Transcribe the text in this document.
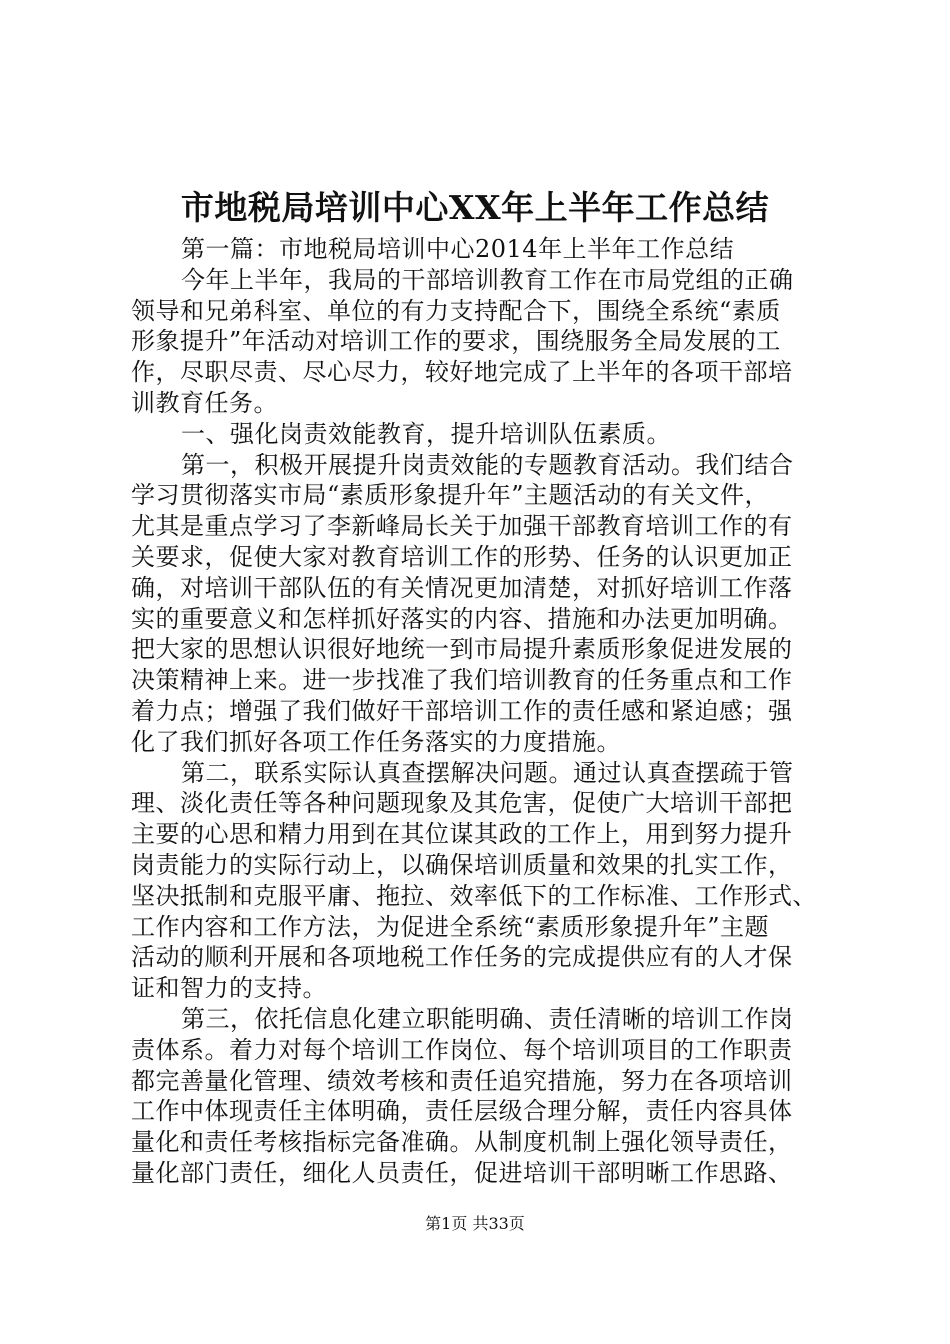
市地税局培训中心XX年上半年工作总结
第一篇：市地税局培训中心2014年上半年工作总结
今年上半年，我局的干部培训教育工作在市局党组的正确
领导和兄弟科室、单位的有力支持配合下，围绕全系统“素质
形象提升”年活动对培训工作的要求，围绕服务全局发展的工
作，尽职尽责、尽心尽力，较好地完成了上半年的各项干部培
训教育任务。
一、强化岗责效能教育，提升培训队伍素质。
第一，积极开展提升岗责效能的专题教育活动。我们结合
学习贯彻落实市局“素质形象提升年”主题活动的有关文件，
尤其是重点学习了李新峰局长关于加强干部教育培训工作的有
关要求，促使大家对教育培训工作的形势、任务的认识更加正
确，对培训干部队伍的有关情况更加清楚，对抓好培训工作落
实的重要意义和怎样抓好落实的内容、措施和办法更加明确。
把大家的思想认识很好地统一到市局提升素质形象促进发展的
决策精神上来。进一步找准了我们培训教育的任务重点和工作
着力点；增强了我们做好干部培训工作的责任感和紧迫感；强
化了我们抓好各项工作任务落实的力度措施。
第二，联系实际认真查摆解决问题。通过认真查摆疏于管
理、淡化责任等各种问题现象及其危害，促使广大培训干部把
主要的心思和精力用到在其位谋其政的工作上，用到努力提升
岗责能力的实际行动上，以确保培训质量和效果的扎实工作，
坚决抵制和克服平庸、拖拉、效率低下的工作标准、工作形式、
工作内容和工作方法，为促进全系统“素质形象提升年”主题
活动的顺利开展和各项地税工作任务的完成提供应有的人才保
证和智力的支持。
第三，依托信息化建立职能明确、责任清晰的培训工作岗
责体系。着力对每个培训工作岗位、每个培训项目的工作职责
都完善量化管理、绩效考核和责任追究措施，努力在各项培训
工作中体现责任主体明确，责任层级合理分解，责任内容具体
量化和责任考核指标完备准确。从制度机制上强化领导责任，
量化部门责任，细化人员责任，促进培训干部明晰工作思路、
第1页 共33页
